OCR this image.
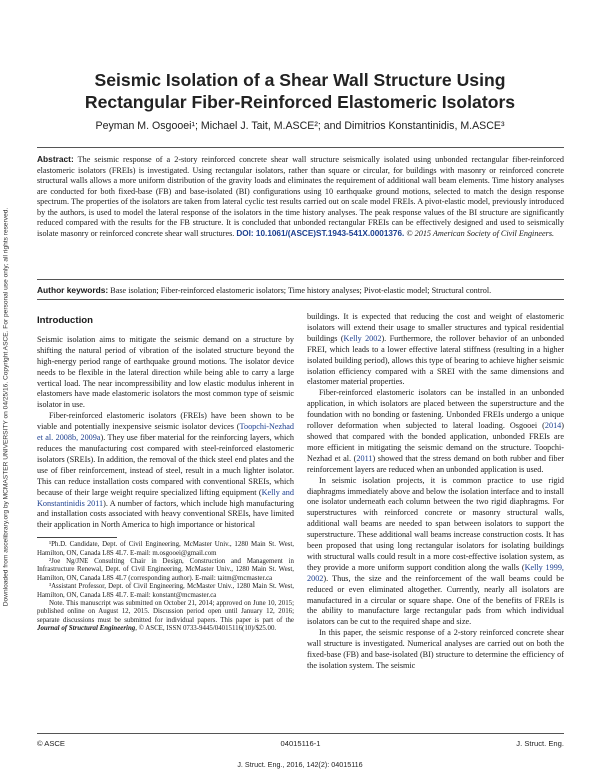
Downloaded from ascelibrary.org by MCMASTER UNIVERSITY on 04/25/16. Copyright ASCE. For personal use only; all rights reserved.
Seismic Isolation of a Shear Wall Structure Using
Rectangular Fiber-Reinforced Elastomeric Isolators
Peyman M. Osgooei¹; Michael J. Tait, M.ASCE²; and Dimitrios Konstantinidis, M.ASCE³

Abstract: The seismic response of a 2-story reinforced concrete shear wall structure seismically isolated using unbonded rectangular fiber-reinforced elastomeric isolators (FREIs) is investigated. Using rectangular isolators, rather than square or circular, for buildings with masonry or reinforced concrete structural walls allows a more uniform distribution of the gravity loads and eliminates the requirement of additional wall beam elements. Time history analyses are conducted for both fixed-base (FB) and base-isolated (BI) configurations using 10 earthquake ground motions, selected to match the design response spectrum. The properties of the isolators are taken from lateral cyclic test results carried out on scale model FREIs. A pivot-elastic model, previously introduced by the authors, is used to model the lateral response of the isolators in the time history analyses. The peak response values of the BI structure are significantly reduced compared with the results for the FB structure. It is concluded that unbonded rectangular FREIs can be effectively designed and used to seismically isolate masonry or reinforced concrete shear wall structures. DOI: 10.1061/(ASCE)ST.1943-541X.0001376. © 2015 American Society of Civil Engineers.

Author keywords: Base isolation; Fiber-reinforced elastomeric isolators; Time history analyses; Pivot-elastic model; Structural control.
Introduction

Seismic isolation aims to mitigate the seismic demand on a structure by shifting the natural period of vibration of the isolated structure beyond the high-energy period range of earthquake ground motions. The isolator device needs to be flexible in the lateral direction while being able to carry a large vertical load. The near incompressibility and low elastic modulus inherent in elastomers have made elastomeric isolators the most common type of seismic isolator in use.

Fiber-reinforced elastomeric isolators (FREIs) have been shown to be viable and potentially inexpensive seismic isolator devices (Toopchi-Nezhad et al. 2008b, 2009a). They use fiber material for the reinforcing layers, which reduces the manufacturing cost compared with steel-reinforced elastomeric isolators (SREIs). In addition, the removal of the thick steel end plates and the use of fiber reinforcement, instead of steel, result in a much lighter isolator. This can reduce installation costs compared with conventional SREIs, which because of their large weight require specialized lifting equipment (Kelly and Konstantinidis 2011). A number of factors, which include high manufacturing and installation costs associated with heavy conventional SREIs, have limited their application in North America to high importance or historical

¹Ph.D. Candidate, Dept. of Civil Engineering, McMaster Univ., 1280 Main St. West, Hamilton, ON, Canada L8S 4L7. E-mail: m.osgooei@gmail.com

²Joe Ng/JNE Consulting Chair in Design, Construction and Management in Infrastructure Renewal, Dept. of Civil Engineering, McMaster Univ., 1280 Main St. West, Hamilton, ON, Canada L8S 4L7 (corresponding author). E-mail: taitm@mcmaster.ca

³Assistant Professor, Dept. of Civil Engineering, McMaster Univ., 1280 Main St. West, Hamilton, ON, Canada L8S 4L7. E-mail: konstant@mcmaster.ca

Note. This manuscript was submitted on October 21, 2014; approved on June 10, 2015; published online on August 12, 2015. Discussion period open until January 12, 2016; separate discussions must be submitted for individual papers. This paper is part of the Journal of Structural Engineering, © ASCE, ISSN 0733-9445/04015116(10)/$25.00.

buildings. It is expected that reducing the cost and weight of elastomeric isolators will extend their usage to smaller structures and typical residential buildings (Kelly 2002). Furthermore, the rollover behavior of an unbonded FREI, which leads to a lower effective lateral stiffness (resulting in a higher isolated building period), allows this type of bearing to achieve higher seismic isolation efficiency compared with a SREI with the same dimensions and elastomer material properties.

Fiber-reinforced elastomeric isolators can be installed in an unbonded application, in which isolators are placed between the superstructure and the foundation with no bonding or fastening. Unbonded FREIs undergo a unique rollover deformation when subjected to lateral loading. Osgooei (2014) showed that compared with the bonded application, unbonded FREIs are more efficient in mitigating the seismic demand on the structure. Toopchi-Nezhad et al. (2011) showed that the stress demand on both rubber and fiber reinforcement layers are reduced when an unbonded application is used.

In seismic isolation projects, it is common practice to use rigid diaphragms immediately above and below the isolation interface and to install one isolator underneath each column between the two rigid diaphragms. For superstructures with reinforced concrete or masonry structural walls, additional wall beams are needed to span between isolators to support the superstructure. These additional wall beams increase construction costs. It has been proposed that using long rectangular isolators for isolating buildings with structural walls could result in a more cost-effective isolation system, as they provide a more uniform support condition along the walls (Kelly 1999, 2002). Thus, the size and the reinforcement of the wall beams could be reduced or even eliminated altogether. Currently, nearly all isolators are manufactured in a circular or square shape. One of the benefits of FREIs is the ability to manufacture large rectangular pads from which individual isolators can be cut to the required shape and size.

In this paper, the seismic response of a 2-story reinforced concrete shear wall structure is investigated. Numerical analyses are carried out on both the fixed-base (FB) and base-isolated (BI) structure to determine the efficiency of the isolation system. The seismic

© ASCE	04015116-1	J. Struct. Eng.
J. Struct. Eng., 2016, 142(2): 04015116
